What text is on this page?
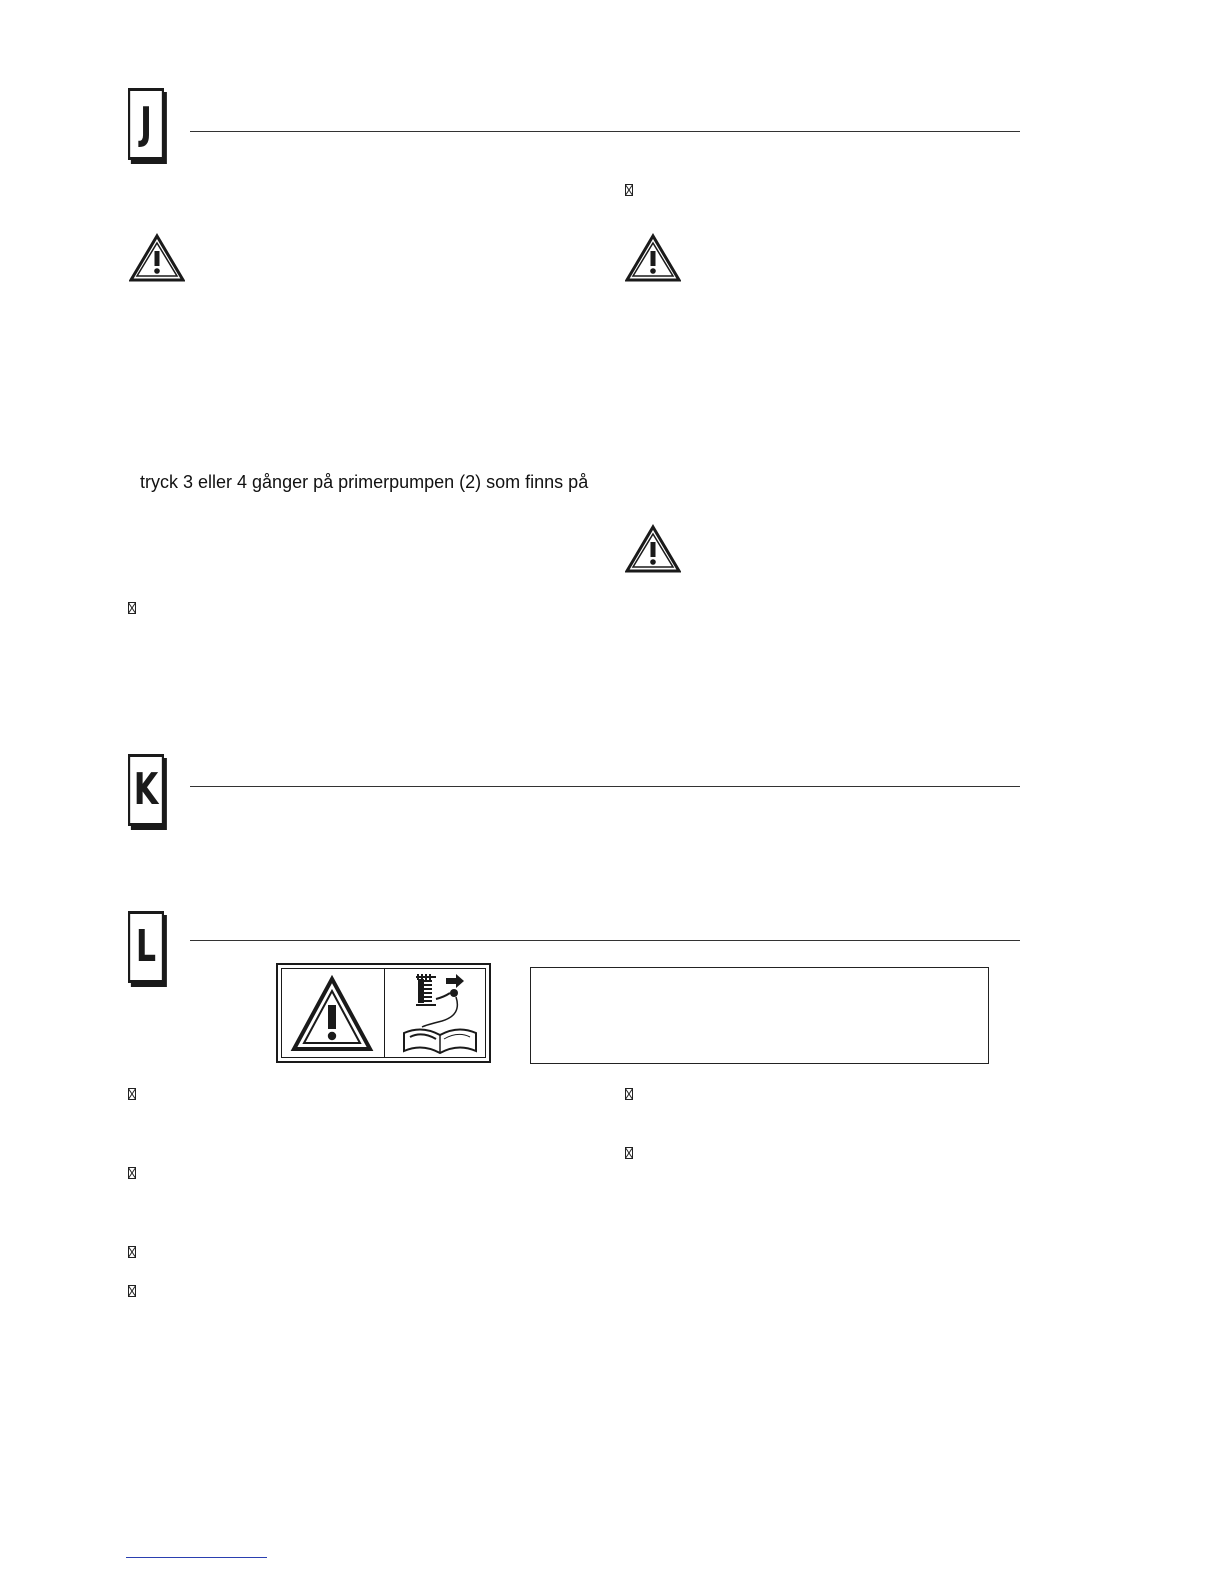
J
tryck 3 eller 4 gånger på primerpumpen (2) som finns på
K
L
